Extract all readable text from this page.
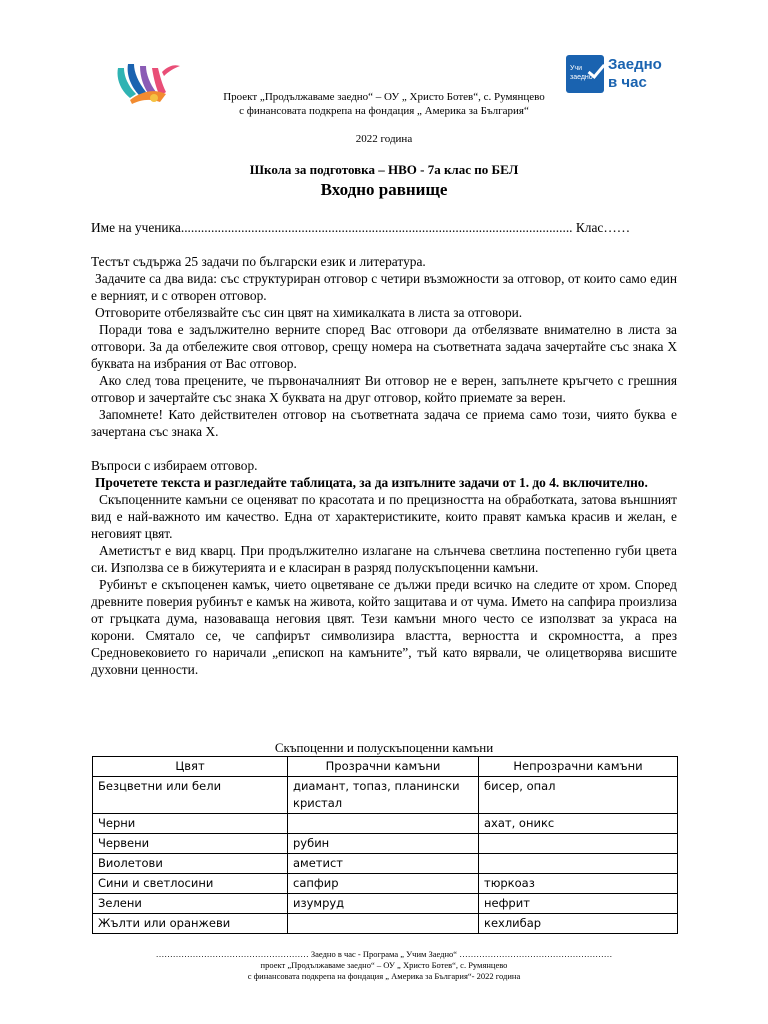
Учи
заедно
Заедно
в час
Проект „Продължаваме заедно“ – ОУ „ Христо Ботев“, с. Румянцево
с финансовата подкрепа на фондация „ Америка за България“
2022 година
Школа за подготовка – НВО - 7а клас по БЕЛ
Входно равнище
Име на ученика..................................................................................................................... Клас……

Тестът съдържа 25 задачи по български език и литература.

Задачите са два вида: със структуриран отговор с четири възможности за отговор, от които само един е верният, и с отворен отговор.

Отговорите отбелязвайте със син цвят на химикалката в листа за отговори.

Поради това е задължително верните според Вас отговори да отбелязвате внимателно в листа за отговори. За да отбележите своя отговор, срещу номера на съответната задача зачертайте със знака Х буквата на избрания от Вас отговор.

Ако след това прецените, че първоначалният Ви отговор не е верен, запълнете кръгчето с грешния отговор и зачертайте със знака Х буквата на друг отговор, който приемате за верен.

Запомнете! Като действителен отговор на съответната задача се приема само този, чиято буква е зачертана със знака Х.

Въпроси с избираем отговор.

Прочетете текста и разгледайте таблицата, за да изпълните задачи от 1. до 4. включително.

Скъпоценните камъни се оценяват по красотата и по прецизността на обработката, затова външният вид е най-важното им качество. Една от характеристиките, които правят камъка красив и желан, е неговият цвят.

Аметистът е вид кварц. При продължително излагане на слънчева светлина постепенно губи цвета си. Използва се в бижутерията и е класиран в разряд полускъпоценни камъни.

Рубинът е скъпоценен камък, чието оцветяване се дължи преди всичко на следите от хром. Според древните поверия рубинът е камък на живота, който защитава и от чума. Името на сапфира произлиза от гръцката дума, назоваваща неговия цвят. Тези камъни много често се използват за украса на корони. Смятало се, че сапфирът символизира властта, верността и скромността, а през Средновековието го наричали „епископ на камъните”, тъй като вярвали, че олицетворява висшите духовни ценности.

Скъпоценни и полускъпоценни камъни
Цвят	Прозрачни камъни	Непрозрачни камъни
Безцветни или бели	диамант, топаз, планински кристал	бисер, опал
Черни		ахат, оникс
Червени	рубин	
Виолетови	аметист	
Сини и светлосини	сапфир	тюркоаз
Зелени	изумруд	нефрит
Жълти или оранжеви		кехлибар
……………………………………………… Заедно в час - Програма „ Учим Заедно“ ………………………………………………
проект „Продължаваме заедно“ – ОУ „ Христо Ботев“, с. Румянцево
с финансовата подкрепа на фондация „ Америка за България“- 2022 година
